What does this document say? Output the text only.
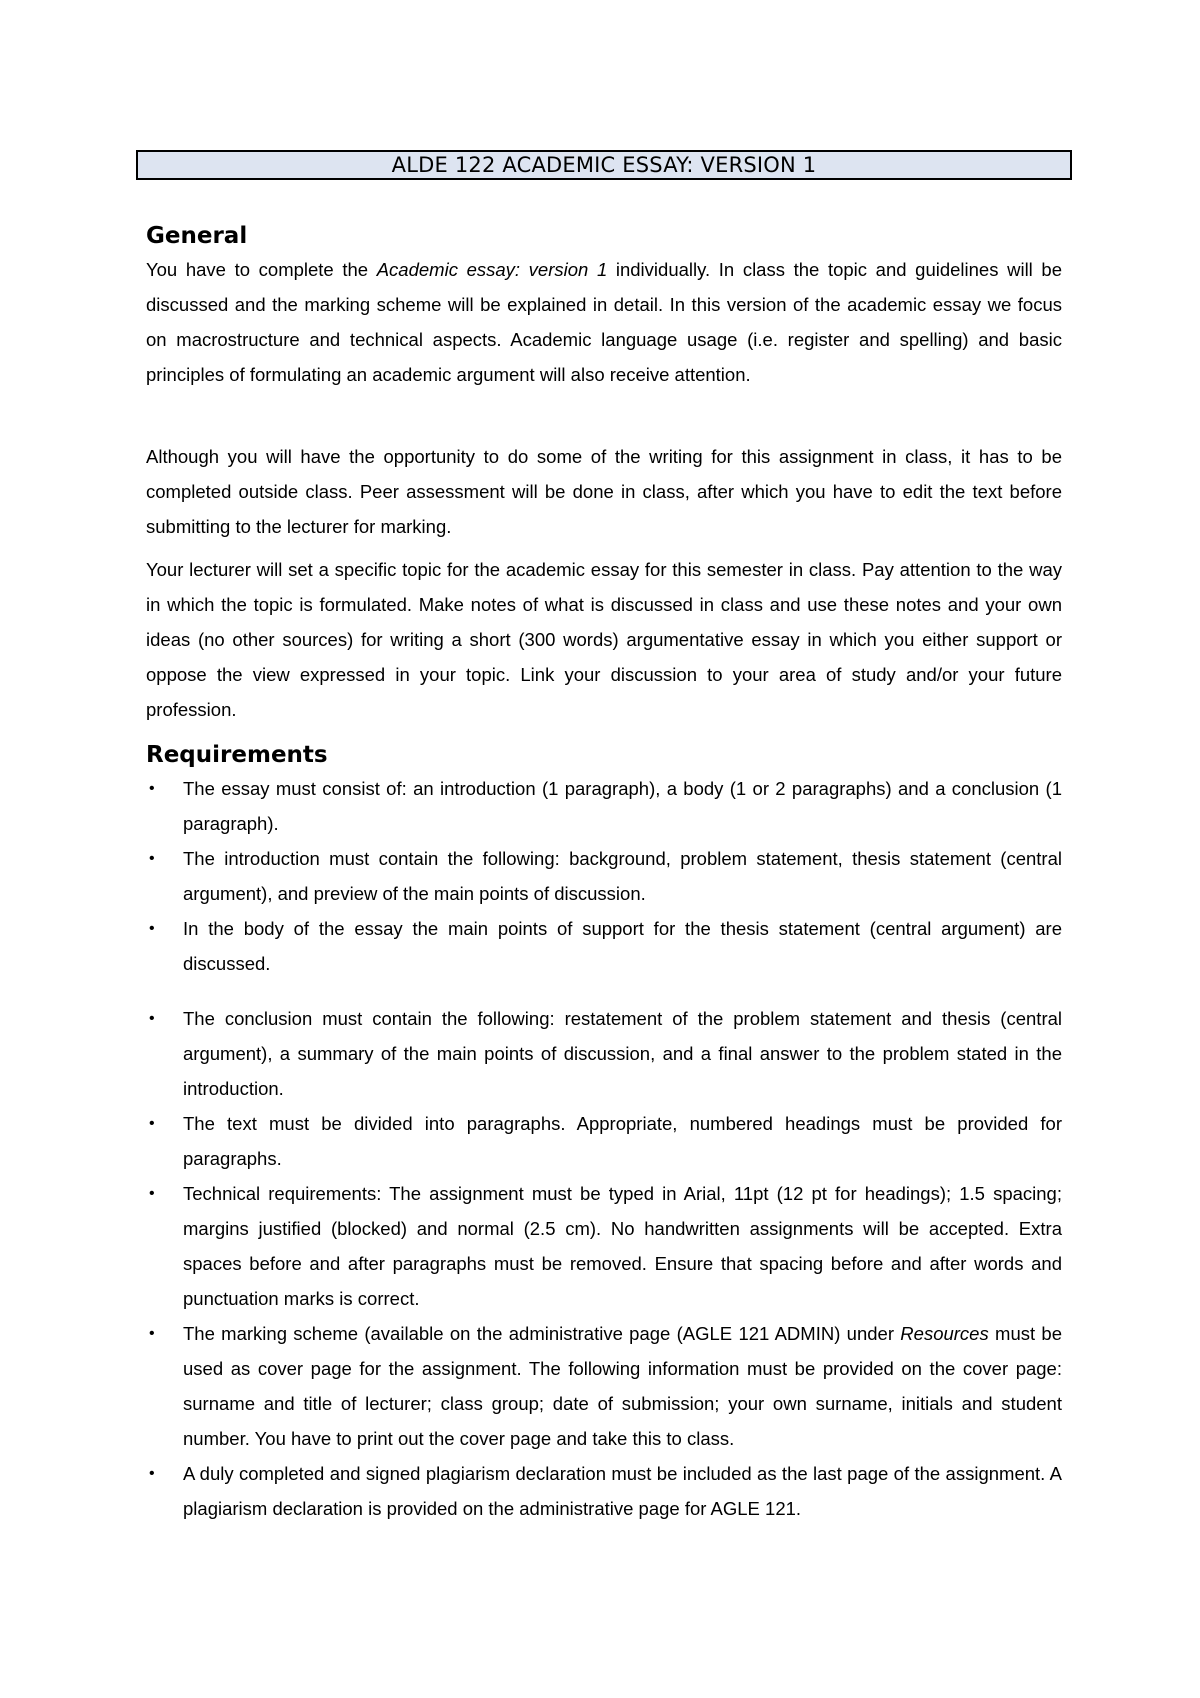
ALDE 122 ACADEMIC ESSAY: VERSION 1
General

You have to complete the Academic essay: version 1 individually. In class the topic and guidelines will be discussed and the marking scheme will be explained in detail. In this version of the academic essay we focus on macrostructure and technical aspects. Academic language usage (i.e. register and spelling) and basic principles of formulating an academic argument will also receive attention.

Although you will have the opportunity to do some of the writing for this assignment in class, it has to be completed outside class. Peer assessment will be done in class, after which you have to edit the text before submitting to the lecturer for marking.

Your lecturer will set a specific topic for the academic essay for this semester in class. Pay attention to the way in which the topic is formulated. Make notes of what is discussed in class and use these notes and your own ideas (no other sources) for writing a short (300 words) argumentative essay in which you either support or oppose the view expressed in your topic. Link your discussion to your area of study and/or your future profession.

Requirements
• The essay must consist of: an introduction (1 paragraph), a body (1 or 2 paragraphs) and a conclusion (1 paragraph).
• The introduction must contain the following: background, problem statement, thesis statement (central argument), and preview of the main points of discussion.
• In the body of the essay the main points of support for the thesis statement (central argument) are discussed.
• The conclusion must contain the following: restatement of the problem statement and thesis (central argument), a summary of the main points of discussion, and a final answer to the problem stated in the introduction.
• The text must be divided into paragraphs. Appropriate, numbered headings must be provided for paragraphs.
• Technical requirements: The assignment must be typed in Arial, 11pt (12 pt for headings); 1.5 spacing; margins justified (blocked) and normal (2.5 cm). No handwritten assignments will be accepted. Extra spaces before and after paragraphs must be removed. Ensure that spacing before and after words and punctuation marks is correct.
• The marking scheme (available on the administrative page (AGLE 121 ADMIN) under Resources must be used as cover page for the assignment. The following information must be provided on the cover page: surname and title of lecturer; class group; date of submission; your own surname, initials and student number. You have to print out the cover page and take this to class.
• A duly completed and signed plagiarism declaration must be included as the last page of the assignment. A plagiarism declaration is provided on the administrative page for AGLE 121.
